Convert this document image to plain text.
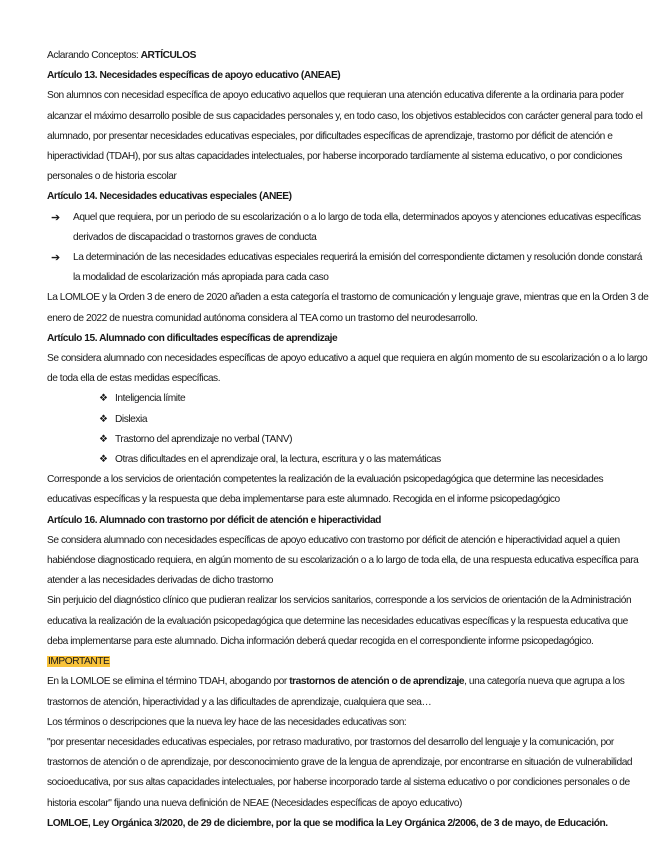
Aclarando Conceptos: ARTÍCULOS
Artículo 13. Necesidades específicas de apoyo educativo (ANEAE)
Son alumnos con necesidad específica de apoyo educativo aquellos que requieran una atención educativa diferente a la ordinaria para poder
alcanzar el máximo desarrollo posible de sus capacidades personales y, en todo caso, los objetivos establecidos con carácter general para todo el
alumnado, por presentar necesidades educativas especiales, por dificultades específicas de aprendizaje, trastorno por déficit de atención e
hiperactividad (TDAH), por sus altas capacidades intelectuales, por haberse incorporado tardíamente al sistema educativo, o por condiciones
personales o de historia escolar
Artículo 14. Necesidades educativas especiales (ANEE)
➔	Aquel que requiera, por un periodo de su escolarización o a lo largo de toda ella, determinados apoyos y atenciones educativas específicas
derivados de discapacidad o trastornos graves de conducta
➔	La determinación de las necesidades educativas especiales requerirá la emisión del correspondiente dictamen y resolución donde constará
la modalidad de escolarización más apropiada para cada caso
La LOMLOE y la Orden 3 de enero de 2020 añaden a esta categoría el trastorno de comunicación y lenguaje grave, mientras que en la Orden 3 de
enero de 2022 de nuestra comunidad autónoma considera al TEA como un trastorno del neurodesarrollo.
Artículo 15. Alumnado con dificultades específicas de aprendizaje
Se considera alumnado con necesidades específicas de apoyo educativo a aquel que requiera en algún momento de su escolarización o a lo largo
de toda ella de estas medidas específicas.
❖ Inteligencia límite
❖ Dislexia
❖ Trastorno del aprendizaje no verbal (TANV)
❖ Otras dificultades en el aprendizaje oral, la lectura, escritura y o las matemáticas
Corresponde a los servicios de orientación competentes la realización de la evaluación psicopedagógica que determine las necesidades
educativas específicas y la respuesta que deba implementarse para este alumnado. Recogida en el informe psicopedagógico
Artículo 16. Alumnado con trastorno por déficit de atención e hiperactividad
Se considera alumnado con necesidades específicas de apoyo educativo con trastorno por déficit de atención e hiperactividad aquel a quien
habiéndose diagnosticado requiera, en algún momento de su escolarización o a lo largo de toda ella, de una respuesta educativa específica para
atender a las necesidades derivadas de dicho trastorno
Sin perjuicio del diagnóstico clínico que pudieran realizar los servicios sanitarios, corresponde a los servicios de orientación de la Administración
educativa la realización de la evaluación psicopedagógica que determine las necesidades educativas específicas y la respuesta educativa que
deba implementarse para este alumnado. Dicha información deberá quedar recogida en el correspondiente informe psicopedagógico.
IMPORTANTE
En la LOMLOE se elimina el término TDAH, abogando por trastornos de atención o de aprendizaje, una categoría nueva que agrupa a los
trastornos de atención, hiperactividad y a las dificultades de aprendizaje, cualquiera que sea…
Los términos o descripciones que la nueva ley hace de las necesidades educativas son:
"por presentar necesidades educativas especiales, por retraso madurativo, por trastornos del desarrollo del lenguaje y la comunicación, por
trastornos de atención o de aprendizaje, por desconocimiento grave de la lengua de aprendizaje, por encontrarse en situación de vulnerabilidad
socioeducativa, por sus altas capacidades intelectuales, por haberse incorporado tarde al sistema educativo o por condiciones personales o de
historia escolar" fijando una nueva definición de NEAE (Necesidades específicas de apoyo educativo)
LOMLOE, Ley Orgánica 3/2020, de 29 de diciembre, por la que se modifica la Ley Orgánica 2/2006, de 3 de mayo, de Educación.
